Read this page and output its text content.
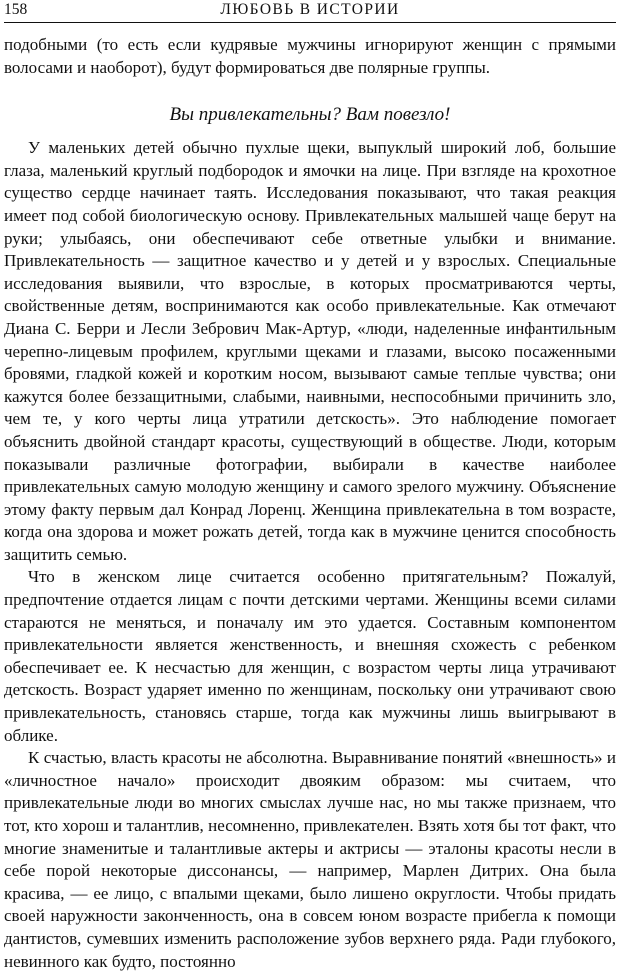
158	ЛЮБОВЬ В ИСТОРИИ

подобными (то есть если кудрявые мужчины игнорируют женщин с прямыми волосами и наоборот), будут формироваться две полярные группы.

Вы привлекательны? Вам повезло!

У маленьких детей обычно пухлые щеки, выпуклый широкий лоб, большие глаза, маленький круглый подбородок и ямочки на лице. При взгляде на крохотное существо сердце начинает таять. Исследования показывают, что такая реакция имеет под собой биологическую основу. Привлекательных малышей чаще берут на руки; улыбаясь, они обеспечивают себе ответные улыбки и внимание. Привлекательность — защитное качество и у детей и у взрослых. Специальные исследования выявили, что взрослые, в которых просматриваются черты, свойственные детям, воспринимаются как особо привлекательные. Как отмечают Диана С. Берри и Лесли Зебрович Мак-Артур, «люди, наделенные инфантильным черепно-лицевым профилем, круглыми щеками и глазами, высоко посаженными бровями, гладкой кожей и коротким носом, вызывают самые теплые чувства; они кажутся более беззащитными, слабыми, наивными, неспособными причинить зло, чем те, у кого черты лица утратили детскость». Это наблюдение помогает объяснить двойной стандарт красоты, существующий в обществе. Люди, которым показывали различные фотографии, выбирали в качестве наиболее привлекательных самую молодую женщину и самого зрелого мужчину. Объяснение этому факту первым дал Конрад Лоренц. Женщина привлекательна в том возрасте, когда она здорова и может рожать детей, тогда как в мужчине ценится способность защитить семью.

Что в женском лице считается особенно притягательным? Пожалуй, предпочтение отдается лицам с почти детскими чертами. Женщины всеми силами стараются не меняться, и поначалу им это удается. Составным компонентом привлекательности является женственность, и внешняя схожесть с ребенком обеспечивает ее. К несчастью для женщин, с возрастом черты лица утрачивают детскость. Возраст ударяет именно по женщинам, поскольку они утрачивают свою привлекательность, становясь старше, тогда как мужчины лишь выигрывают в облике.

К счастью, власть красоты не абсолютна. Выравнивание понятий «внешность» и «личностное начало» происходит двояким образом: мы считаем, что привлекательные люди во многих смыслах лучше нас, но мы также признаем, что тот, кто хорош и талантлив, несомненно, привлекателен. Взять хотя бы тот факт, что многие знаменитые и талантливые актеры и актрисы — эталоны красоты несли в себе порой некоторые диссонансы, — например, Марлен Дитрих. Она была красива, — ее лицо, с впалыми щеками, было лишено округлости. Чтобы придать своей наружности законченность, она в совсем юном возрасте прибегла к помощи дантистов, сумевших изменить расположение зубов верхнего ряда. Ради глубокого, невинного как будто, постоянно
